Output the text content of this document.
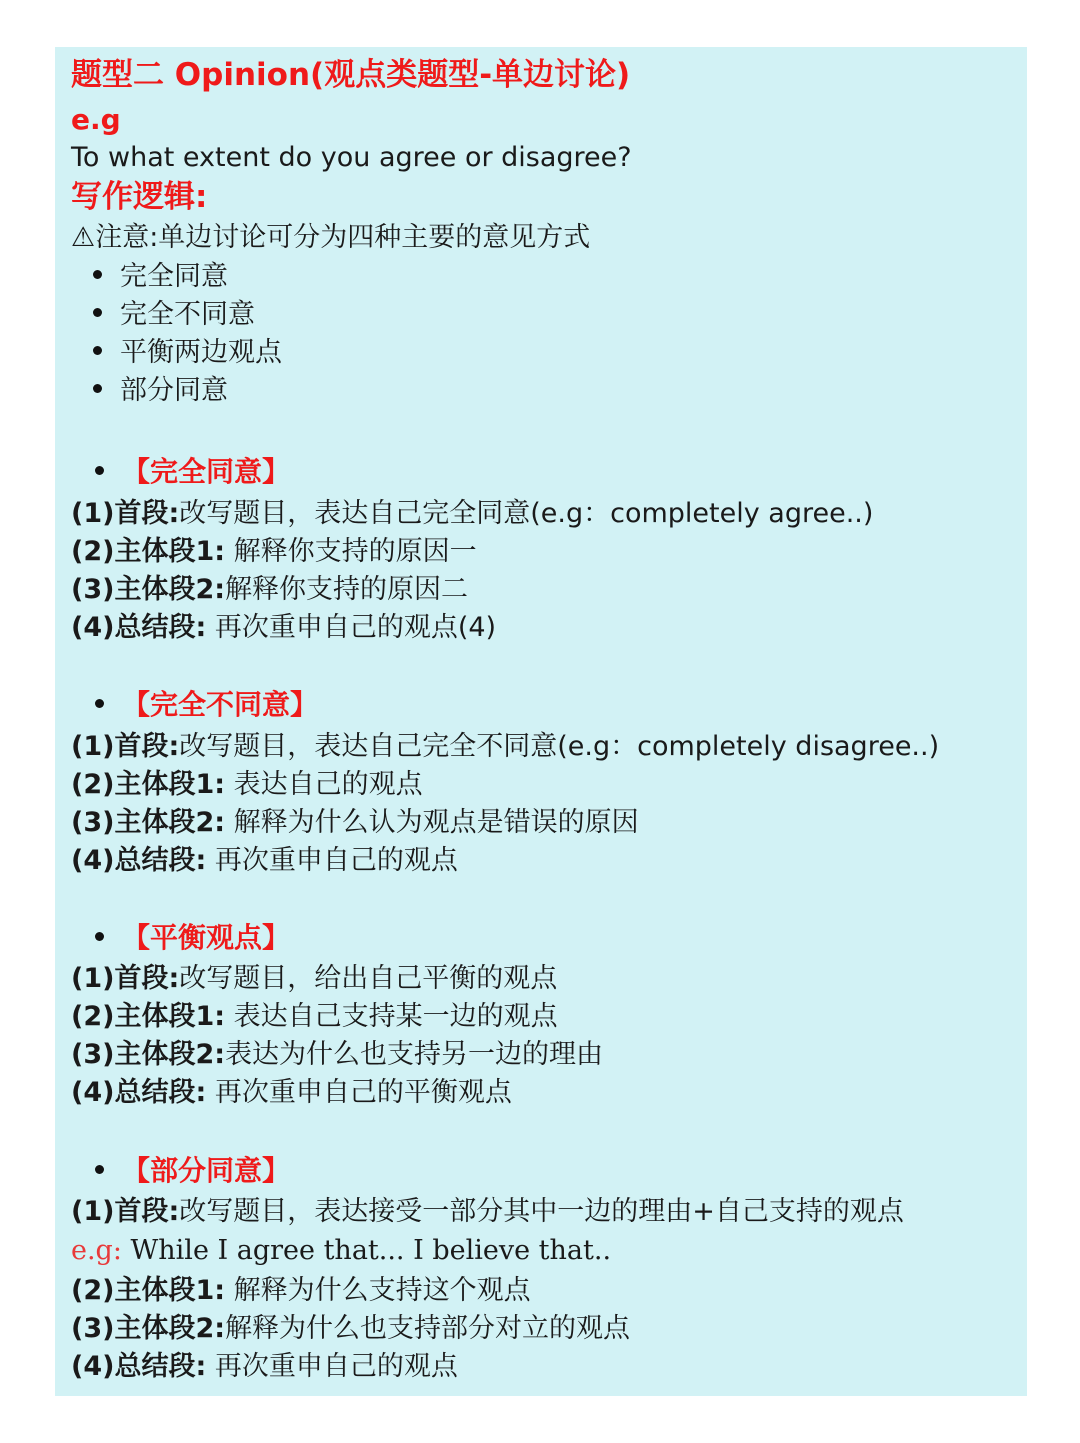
题型二 Opinion(观点类题型-单边讨论)
e.g
To what extent do you agree or disagree?
写作逻辑:
⚠注意:单边讨论可分为四种主要的意见方式
完全同意
完全不同意
平衡两边观点
部分同意
【完全同意】
(1)首段:改写题目，表达自己完全同意(e.g：completely agree..)
(2)主体段1: 解释你支持的原因一
(3)主体段2:解释你支持的原因二
(4)总结段: 再次重申自己的观点(4)
【完全不同意】
(1)首段:改写题目，表达自己完全不同意(e.g：completely disagree..)
(2)主体段1: 表达自己的观点
(3)主体段2: 解释为什么认为观点是错误的原因
(4)总结段: 再次重申自己的观点
【平衡观点】
(1)首段:改写题目，给出自己平衡的观点
(2)主体段1: 表达自己支持某一边的观点
(3)主体段2:表达为什么也支持另一边的理由
(4)总结段: 再次重申自己的平衡观点
【部分同意】
(1)首段:改写题目，表达接受一部分其中一边的理由+自己支持的观点
e.g: While I agree that... I believe that..
(2)主体段1: 解释为什么支持这个观点
(3)主体段2:解释为什么也支持部分对立的观点
(4)总结段: 再次重申自己的观点
